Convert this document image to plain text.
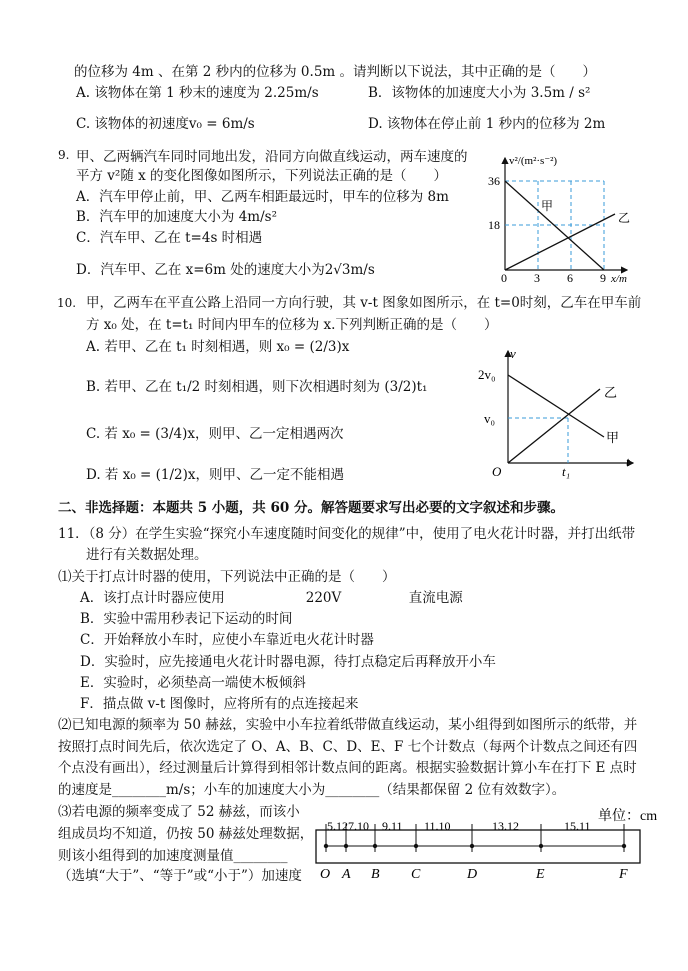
的位移为 4m 、在第 2 秒内的位移为 0.5m 。请判断以下说法，其中正确的是（　　）
A. 该物体在第 1 秒末的速度为 2.25m/s	B．该物体的加速度大小为 3.5m / s²
C. 该物体的初速度v₀ = 6m/s	D. 该物体在停止前 1 秒内的位移为 2m
9. 甲、乙两辆汽车同时同地出发，沿同方向做直线运动，两车速度的
平方 v²随 x 的变化图像如图所示，下列说法正确的是（　　）
A．汽车甲停止前，甲、乙两车相距最远时，甲车的位移为 8m
B．汽车甲的加速度大小为 4m/s²
C．汽车甲、乙在 t=4s 时相遇
D．汽车甲、乙在 x=6m 处的速度大小为2√3m/s
v²/(m²·s⁻²)
x/m
36
18
0 3 6 9
甲
乙
10. 甲，乙两车在平直公路上沿同一方向行驶，其 v-t 图象如图所示，在 t=0时刻，乙车在甲车前
方 x₀ 处，在 t=t₁ 时间内甲车的位移为 x.下列判断正确的是（　　）
A. 若甲、乙在 t₁ 时刻相遇，则 x₀ = (2/3)x
B. 若甲、乙在 t₁/2 时刻相遇，则下次相遇时刻为 (3/2)t₁
C. 若 x₀ = (3/4)x，则甲、乙一定相遇两次
D. 若 x₀ = (1/2)x，则甲、乙一定不能相遇
v
t
2v₀
v₀
O	t₁
乙
甲
二、非选择题：本题共 5 小题，共 60 分。解答题要求写出必要的文字叙述和步骤。
11．（8 分）在学生实验“探究小车速度随时间变化的规律”中，使用了电火花计时器，并打出纸带
进行有关数据处理。
⑴关于打点计时器的使用，下列说法中正确的是（　　）
A．该打点计时器应使用　　　　　　220V　　　　　直流电源
B．实验中需用秒表记下运动的时间
C．开始释放小车时，应使小车靠近电火花计时器
D．实验时，应先接通电火花计时器电源，待打点稳定后再释放开小车
E．实验时，必须垫高一端使木板倾斜
F．描点做 v-t 图像时，应将所有的点连接起来
⑵已知电源的频率为 50 赫兹，实验中小车拉着纸带做直线运动，某小组得到如图所示的纸带，并
按照打点时间先后，依次选定了 O、A、B、C、D、E、F 七个计数点（每两个计数点之间还有四
个点没有画出），经过测量后计算得到相邻计数点间的距离。根据实验数据计算小车在打下 E 点时
的速度是________m/s；小车的加速度大小为________（结果都保留 2 位有效数字）。
⑶若电源的频率变成了 52 赫兹，而该小
组成员均不知道，仍按 50 赫兹处理数据，
则该小组得到的加速度测量值________
（选填“大于”、“等于”或“小于”）加速度
单位：cm
5.12 7.10 9.11 11.10	13.12	15.11
O A B C	D	E	F
